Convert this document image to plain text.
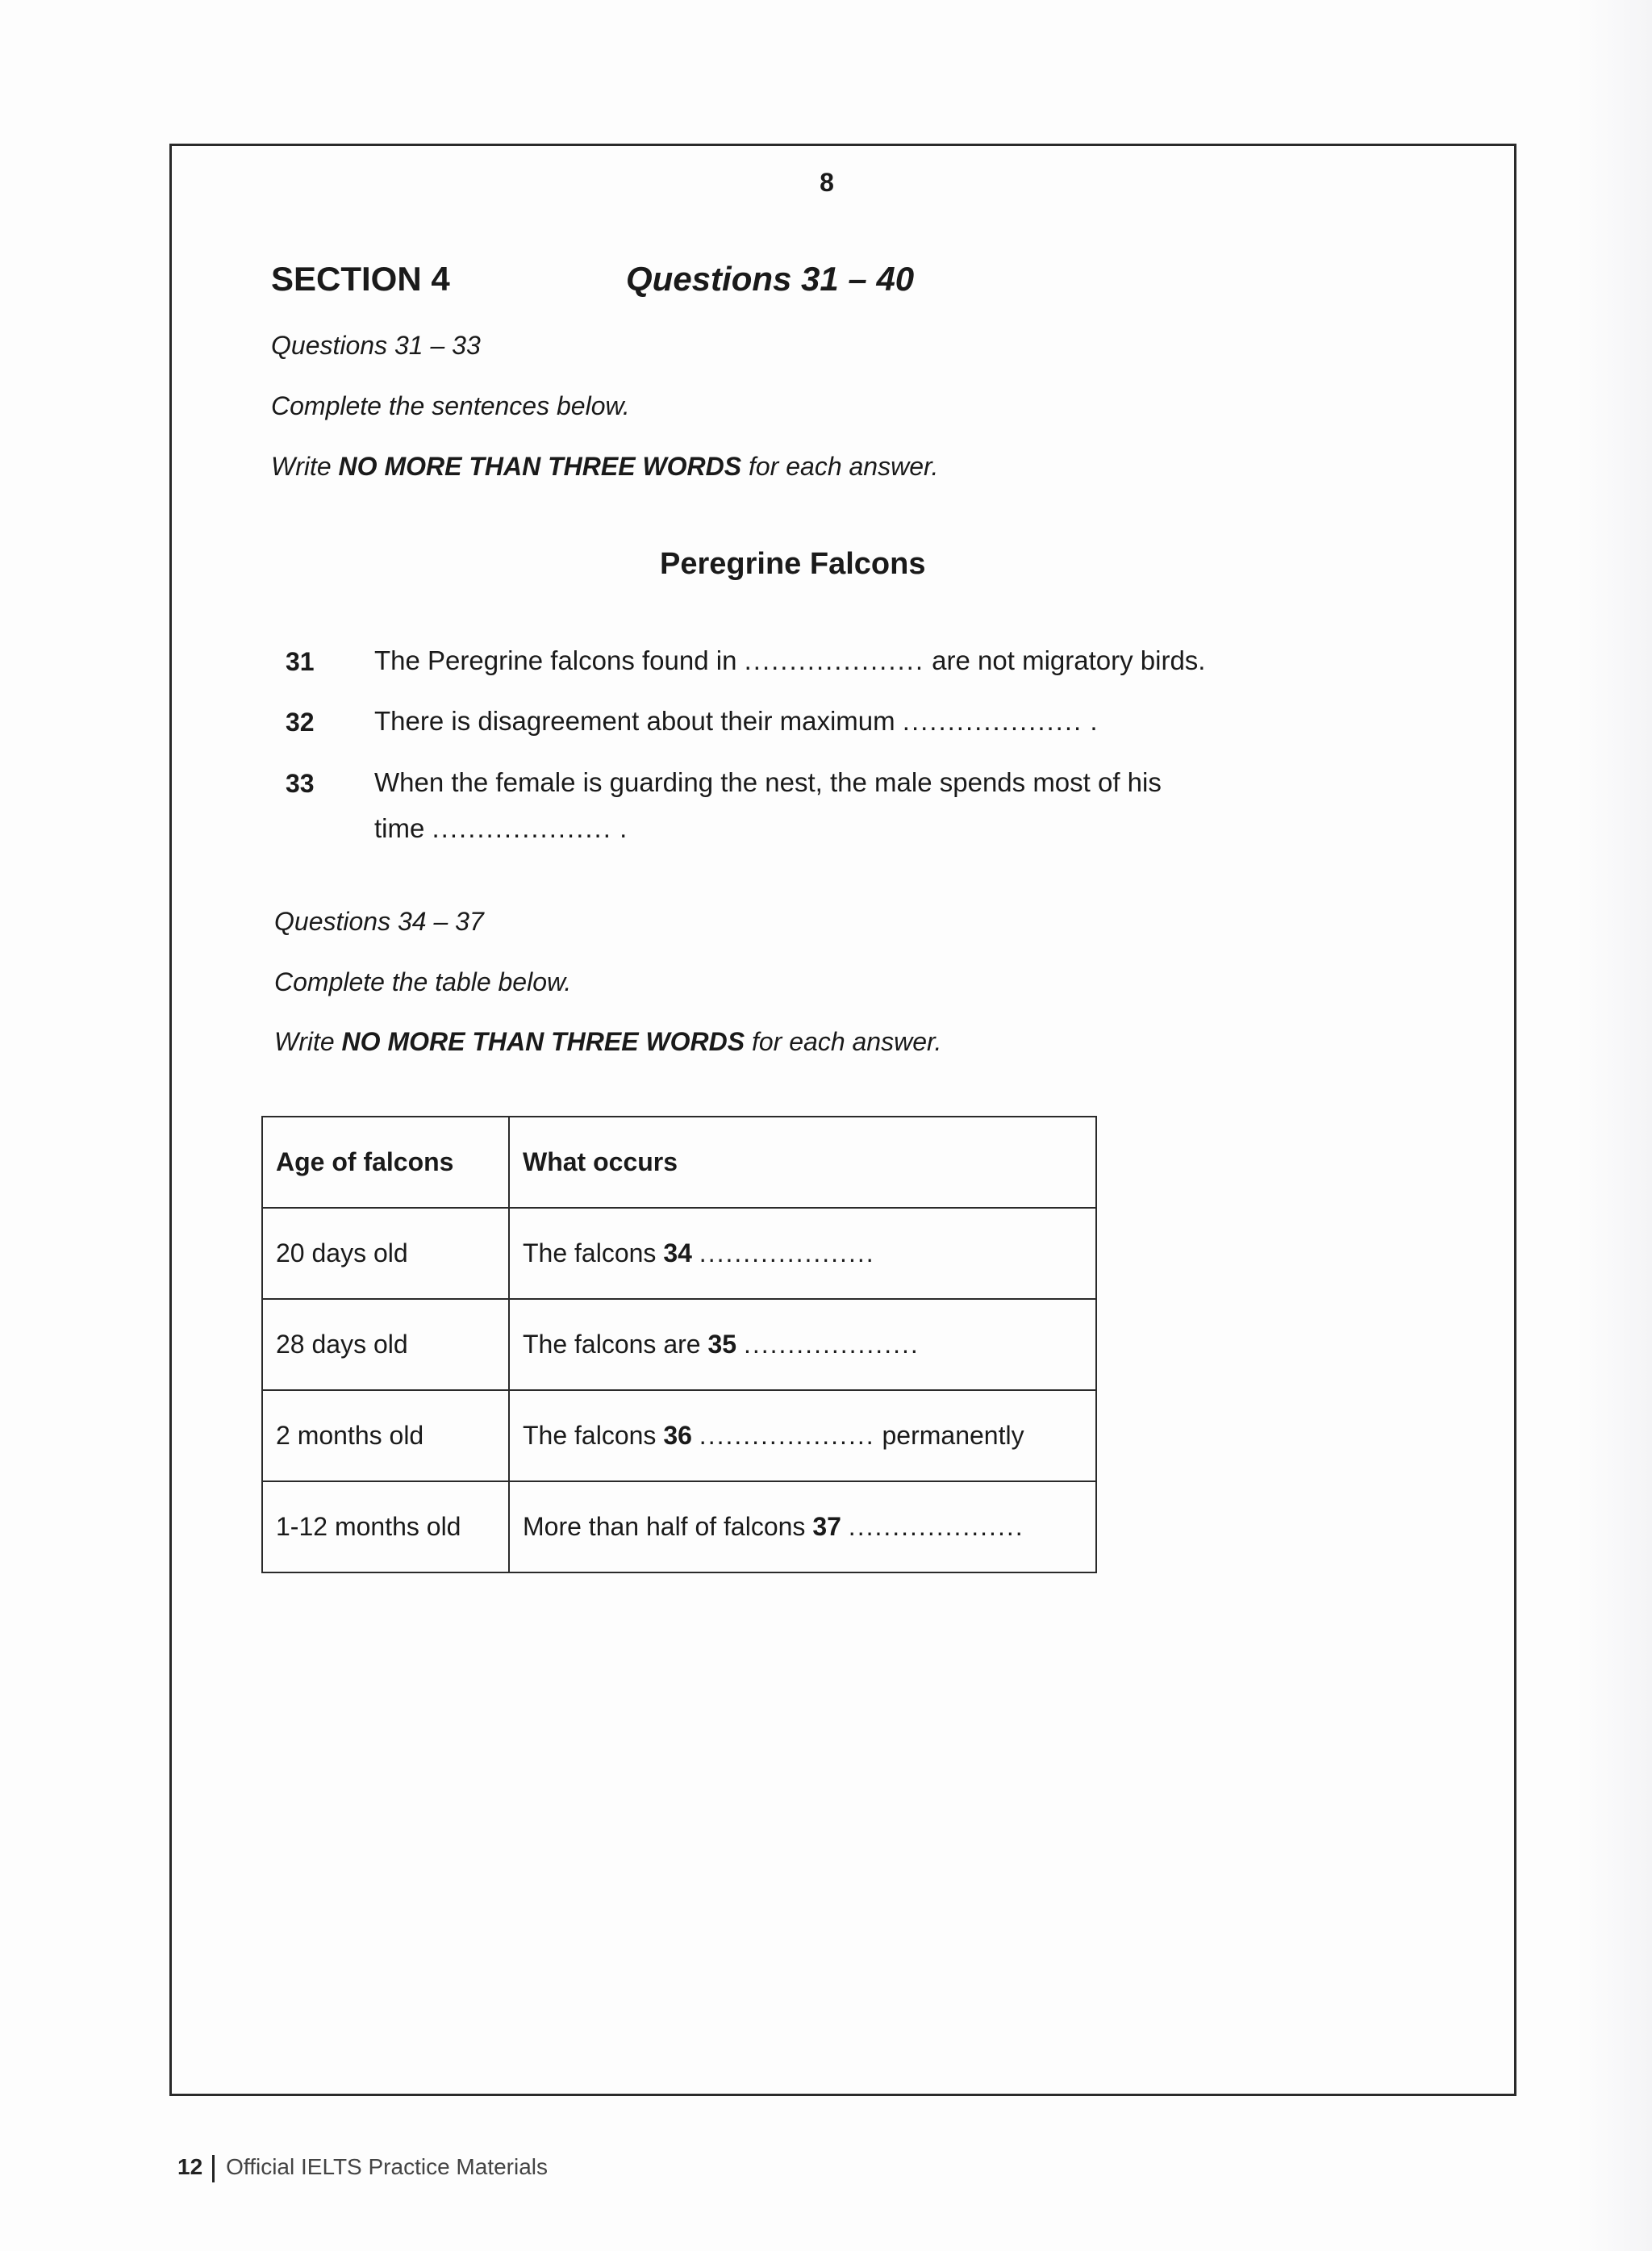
8
SECTION 4	Questions 31 – 40
Questions 31 – 33
Complete the sentences below.
Write NO MORE THAN THREE WORDS for each answer.
Peregrine Falcons
31 The Peregrine falcons found in .................... are not migratory birds.
32 There is disagreement about their maximum .................... .
33 When the female is guarding the nest, the male spends most of his
time .................... .
Questions 34 – 37
Complete the table below.
Write NO MORE THAN THREE WORDS for each answer.
Age of falcons	What occurs
20 days old	The falcons 34 ....................
28 days old	The falcons are 35 ....................
2 months old	The falcons 36 .................... permanently
1-12 months old	More than half of falcons 37 ....................
12 Official IELTS Practice Materials
